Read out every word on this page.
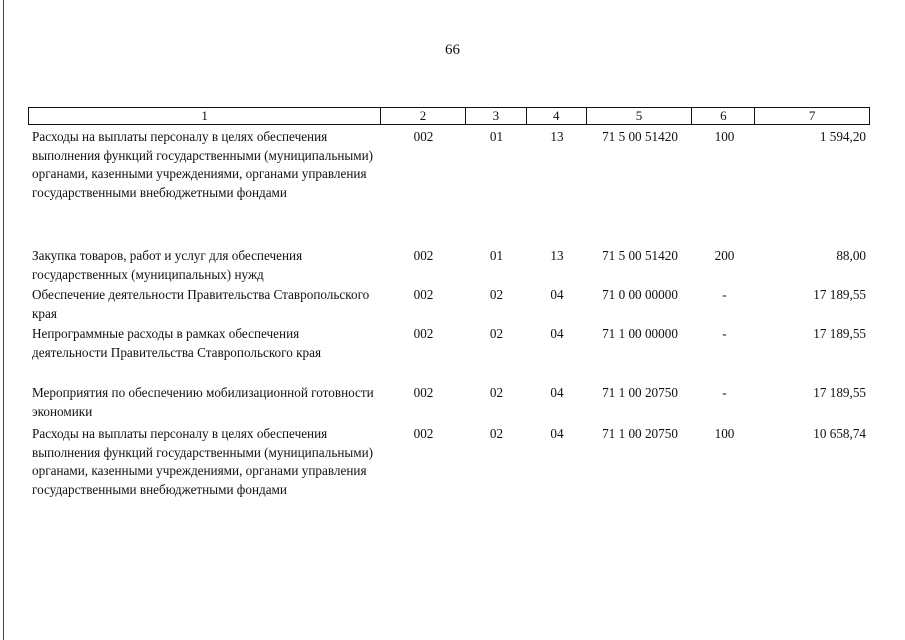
66
1	2	3	4	5	6	7
Расходы на выплаты персоналу в целях обеспечения выполнения функций государственными (муниципальными) органами, казенными учреждениями, органами управления государственными внебюджетными фондами
002	01	13	71 5 00 51420	100	1 594,20
Закупка товаров, работ и услуг для обеспечения государственных (муниципальных) нужд
002	01	13	71 5 00 51420	200	88,00
Обеспечение деятельности Правительства Ставропольского края
002	02	04	71 0 00 00000	-	17 189,55
Непрограммные расходы в рамках обеспечения деятельности Правительства Ставропольского края
002	02	04	71 1 00 00000	-	17 189,55
Мероприятия по обеспечению мобилизационной готовности экономики
002	02	04	71 1 00 20750	-	17 189,55
Расходы на выплаты персоналу в целях обеспечения выполнения функций государственными (муниципальными) органами, казенными учреждениями, органами управления государственными внебюджетными фондами
002	02	04	71 1 00 20750	100	10 658,74
